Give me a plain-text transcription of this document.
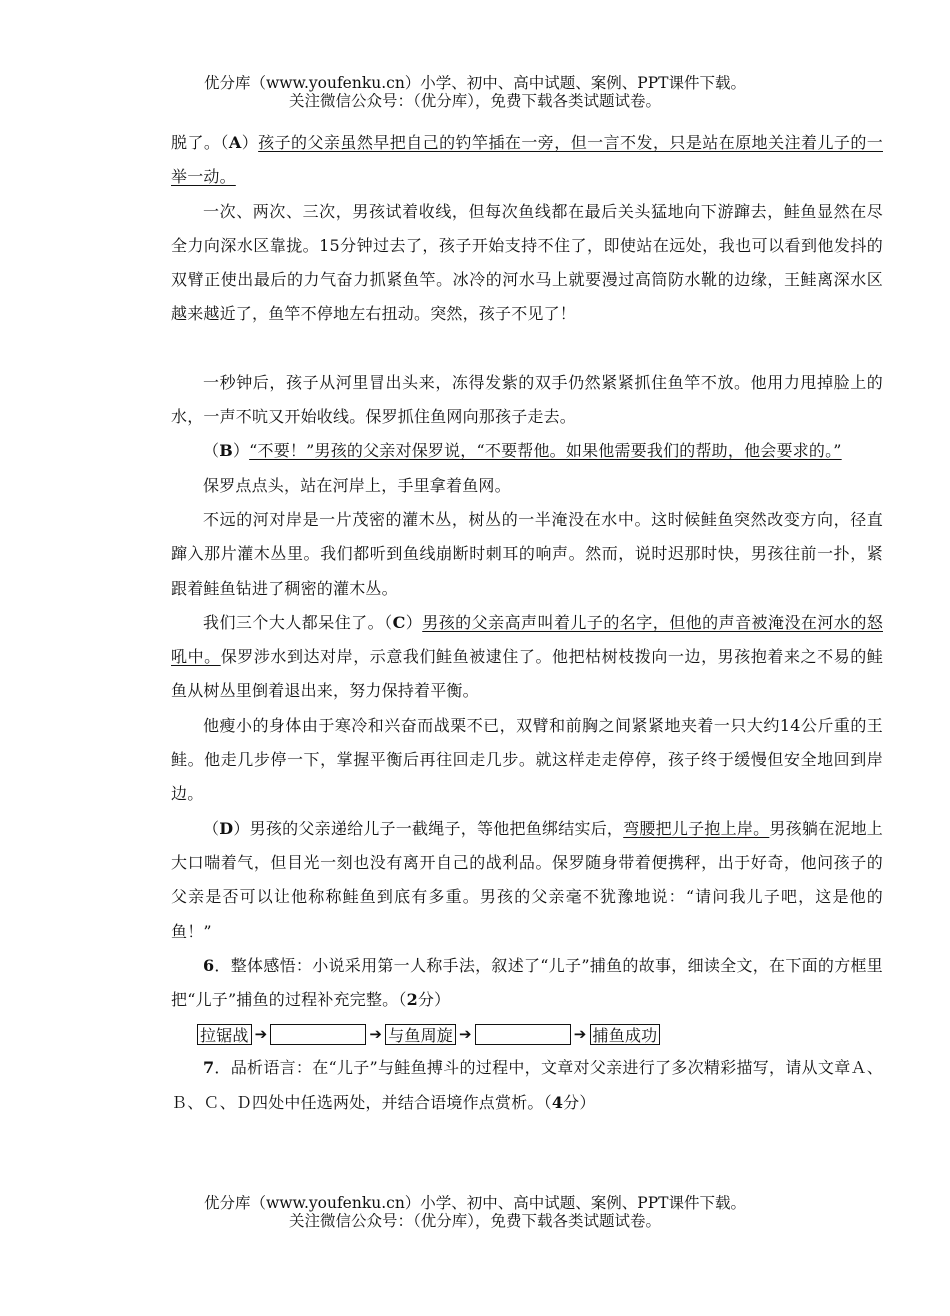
优分库（www.youfenku.cn）小学、初中、高中试题、案例、PPT课件下载。
关注微信公众号：（优分库），免费下载各类试题试卷。

脱了。（A）孩子的父亲虽然早把自己的钓竿插在一旁，但一言不发，只是站在原地关注着儿子的一举一动。

一次、两次、三次，男孩试着收线，但每次鱼线都在最后关头猛地向下游蹿去，鲑鱼显然在尽全力向深水区靠拢。15分钟过去了，孩子开始支持不住了，即使站在远处，我也可以看到他发抖的双臂正使出最后的力气奋力抓紧鱼竿。冰冷的河水马上就要漫过高筒防水靴的边缘，王鲑离深水区越来越近了，鱼竿不停地左右扭动。突然，孩子不见了！

一秒钟后，孩子从河里冒出头来，冻得发紫的双手仍然紧紧抓住鱼竿不放。他用力甩掉脸上的水，一声不吭又开始收线。保罗抓住鱼网向那孩子走去。

（B）“不要！”男孩的父亲对保罗说，“不要帮他。如果他需要我们的帮助，他会要求的。”

保罗点点头，站在河岸上，手里拿着鱼网。

不远的河对岸是一片茂密的灌木丛，树丛的一半淹没在水中。这时候鲑鱼突然改变方向，径直蹿入那片灌木丛里。我们都听到鱼线崩断时刺耳的响声。然而，说时迟那时快，男孩往前一扑，紧跟着鲑鱼钻进了稠密的灌木丛。

我们三个大人都呆住了。（C）男孩的父亲高声叫着儿子的名字，但他的声音被淹没在河水的怒吼中。保罗涉水到达对岸，示意我们鲑鱼被逮住了。他把枯树枝拨向一边，男孩抱着来之不易的鲑鱼从树丛里倒着退出来，努力保持着平衡。

他瘦小的身体由于寒冷和兴奋而战栗不已，双臂和前胸之间紧紧地夹着一只大约14公斤重的王鲑。他走几步停一下，掌握平衡后再往回走几步。就这样走走停停，孩子终于缓慢但安全地回到岸边。

（D）男孩的父亲递给儿子一截绳子，等他把鱼绑结实后，弯腰把儿子抱上岸。男孩躺在泥地上大口喘着气，但目光一刻也没有离开自己的战利品。保罗随身带着便携秤，出于好奇，他问孩子的父亲是否可以让他称称鲑鱼到底有多重。男孩的父亲毫不犹豫地说：“请问我儿子吧，这是他的鱼！”

6．整体感悟：小说采用第一人称手法，叙述了“儿子”捕鱼的故事，细读全文，在下面的方框里把“儿子”捕鱼的过程补充完整。（2分）

拉锯战 ➔	➔ 与鱼周旋 ➔	➔ 捕鱼成功

7．品析语言：在“儿子”与鲑鱼搏斗的过程中，文章对父亲进行了多次精彩描写，请从文章Ａ、Ｂ、Ｃ、Ｄ四处中任选两处，并结合语境作点赏析。（4分）

优分库（www.youfenku.cn）小学、初中、高中试题、案例、PPT课件下载。
关注微信公众号：（优分库），免费下载各类试题试卷。
